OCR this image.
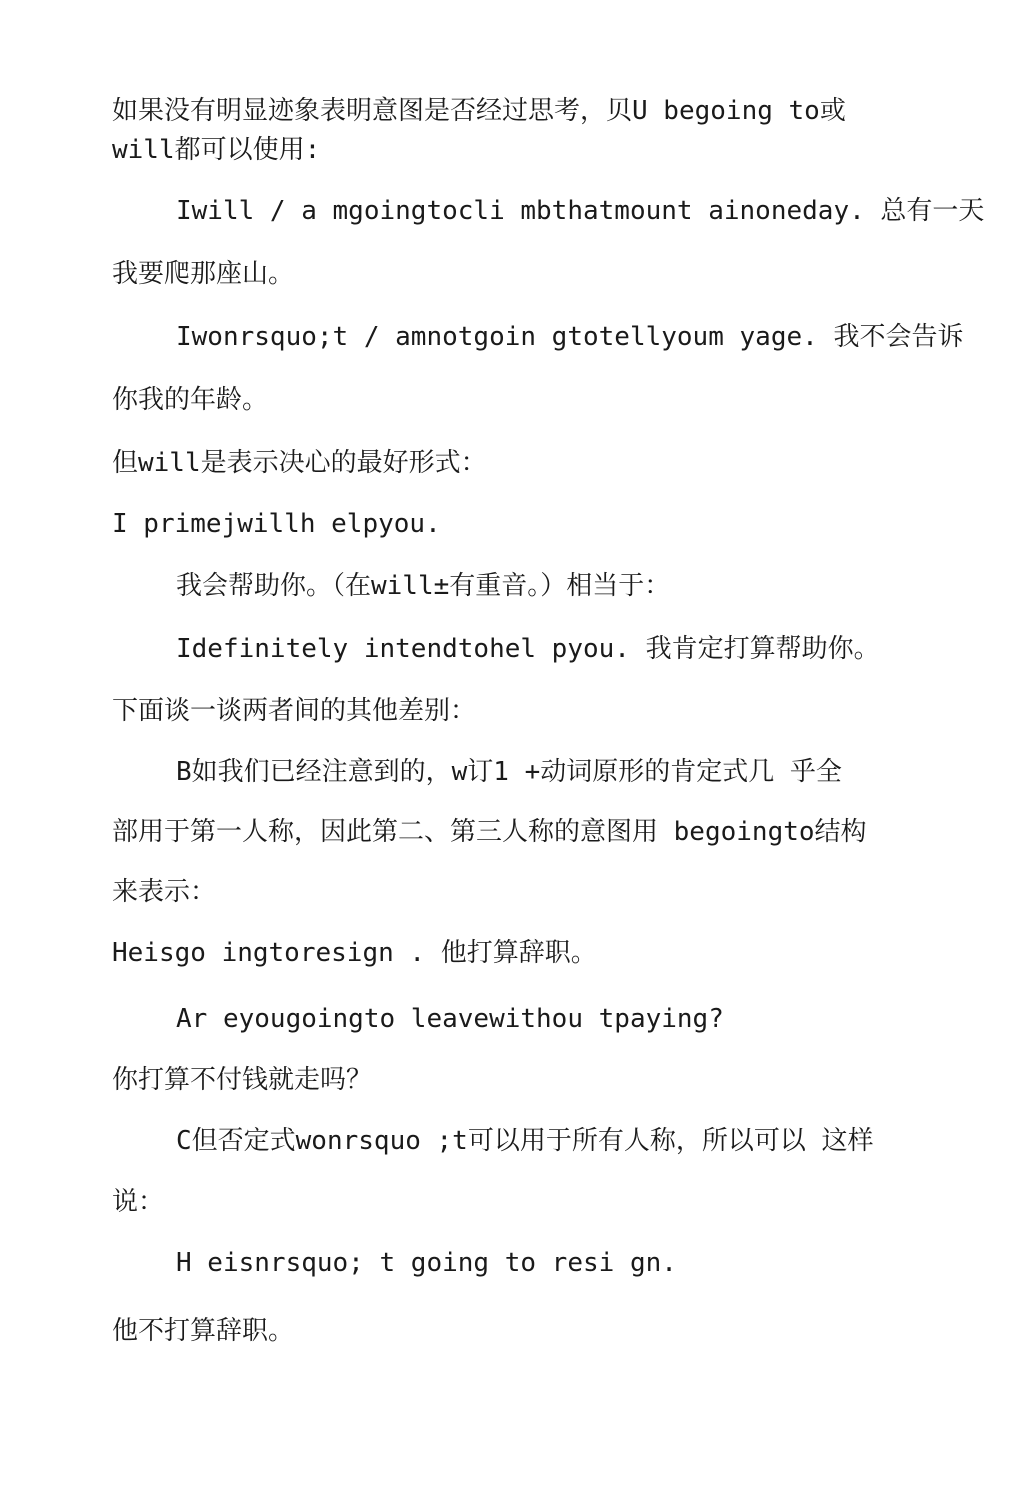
如果没有明显迹象表明意图是否经过思考，贝U begoing to或
will都可以使用:
Iwill / a mgoingtocli mbthatmount ainoneday. 总有一天
我要爬那座山。
Iwonrsquo;t / amnotgoin gtotellyoum yage. 我不会告诉
你我的年龄。
但will是表示决心的最好形式：
I primejwillh elpyou.
我会帮助你。（在will±有重音。）相当于：
Idefinitely intendtohel pyou. 我肯定打算帮助你。
下面谈一谈两者间的其他差别：
B如我们已经注意到的，w订1 +动词原形的肯定式几 乎全
部用于第一人称，因此第二、第三人称的意图用 begoingto结构
来表示：
Heisgo ingtoresign . 他打算辞职。
Ar eyougoingto leavewithou tpaying?
你打算不付钱就走吗？
C但否定式wonrsquo ;t可以用于所有人称，所以可以 这样
说：
H eisnrsquo; t going to resi gn.
他不打算辞职。
